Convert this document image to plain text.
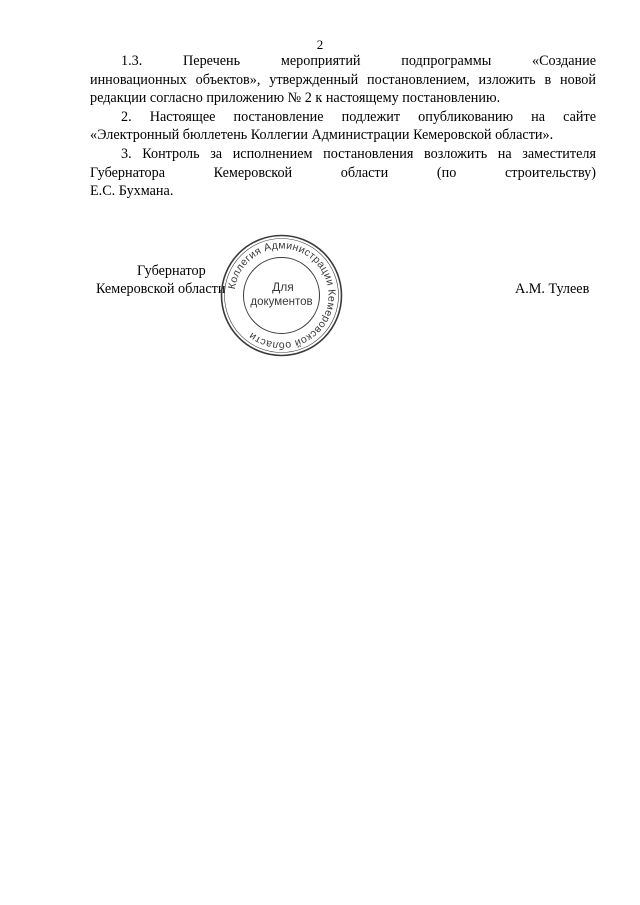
2

1.3. Перечень мероприятий подпрограммы «Создание

инновационных объектов», утвержденный постановлением, изложить в новой редакции согласно приложению № 2 к настоящему постановлению.

2. Настоящее постановление подлежит опубликованию на сайте «Электронный бюллетень Коллегии Администрации Кемеровской области».

3. Контроль за исполнением постановления возложить на заместителя

Губернатора Кемеровской области (по строительству)

Е.С. Бухмана.

Губернатор
Кемеровской области	А.М. Тулеев
Коллегия Администрации Кемеровской области
Для
документов
